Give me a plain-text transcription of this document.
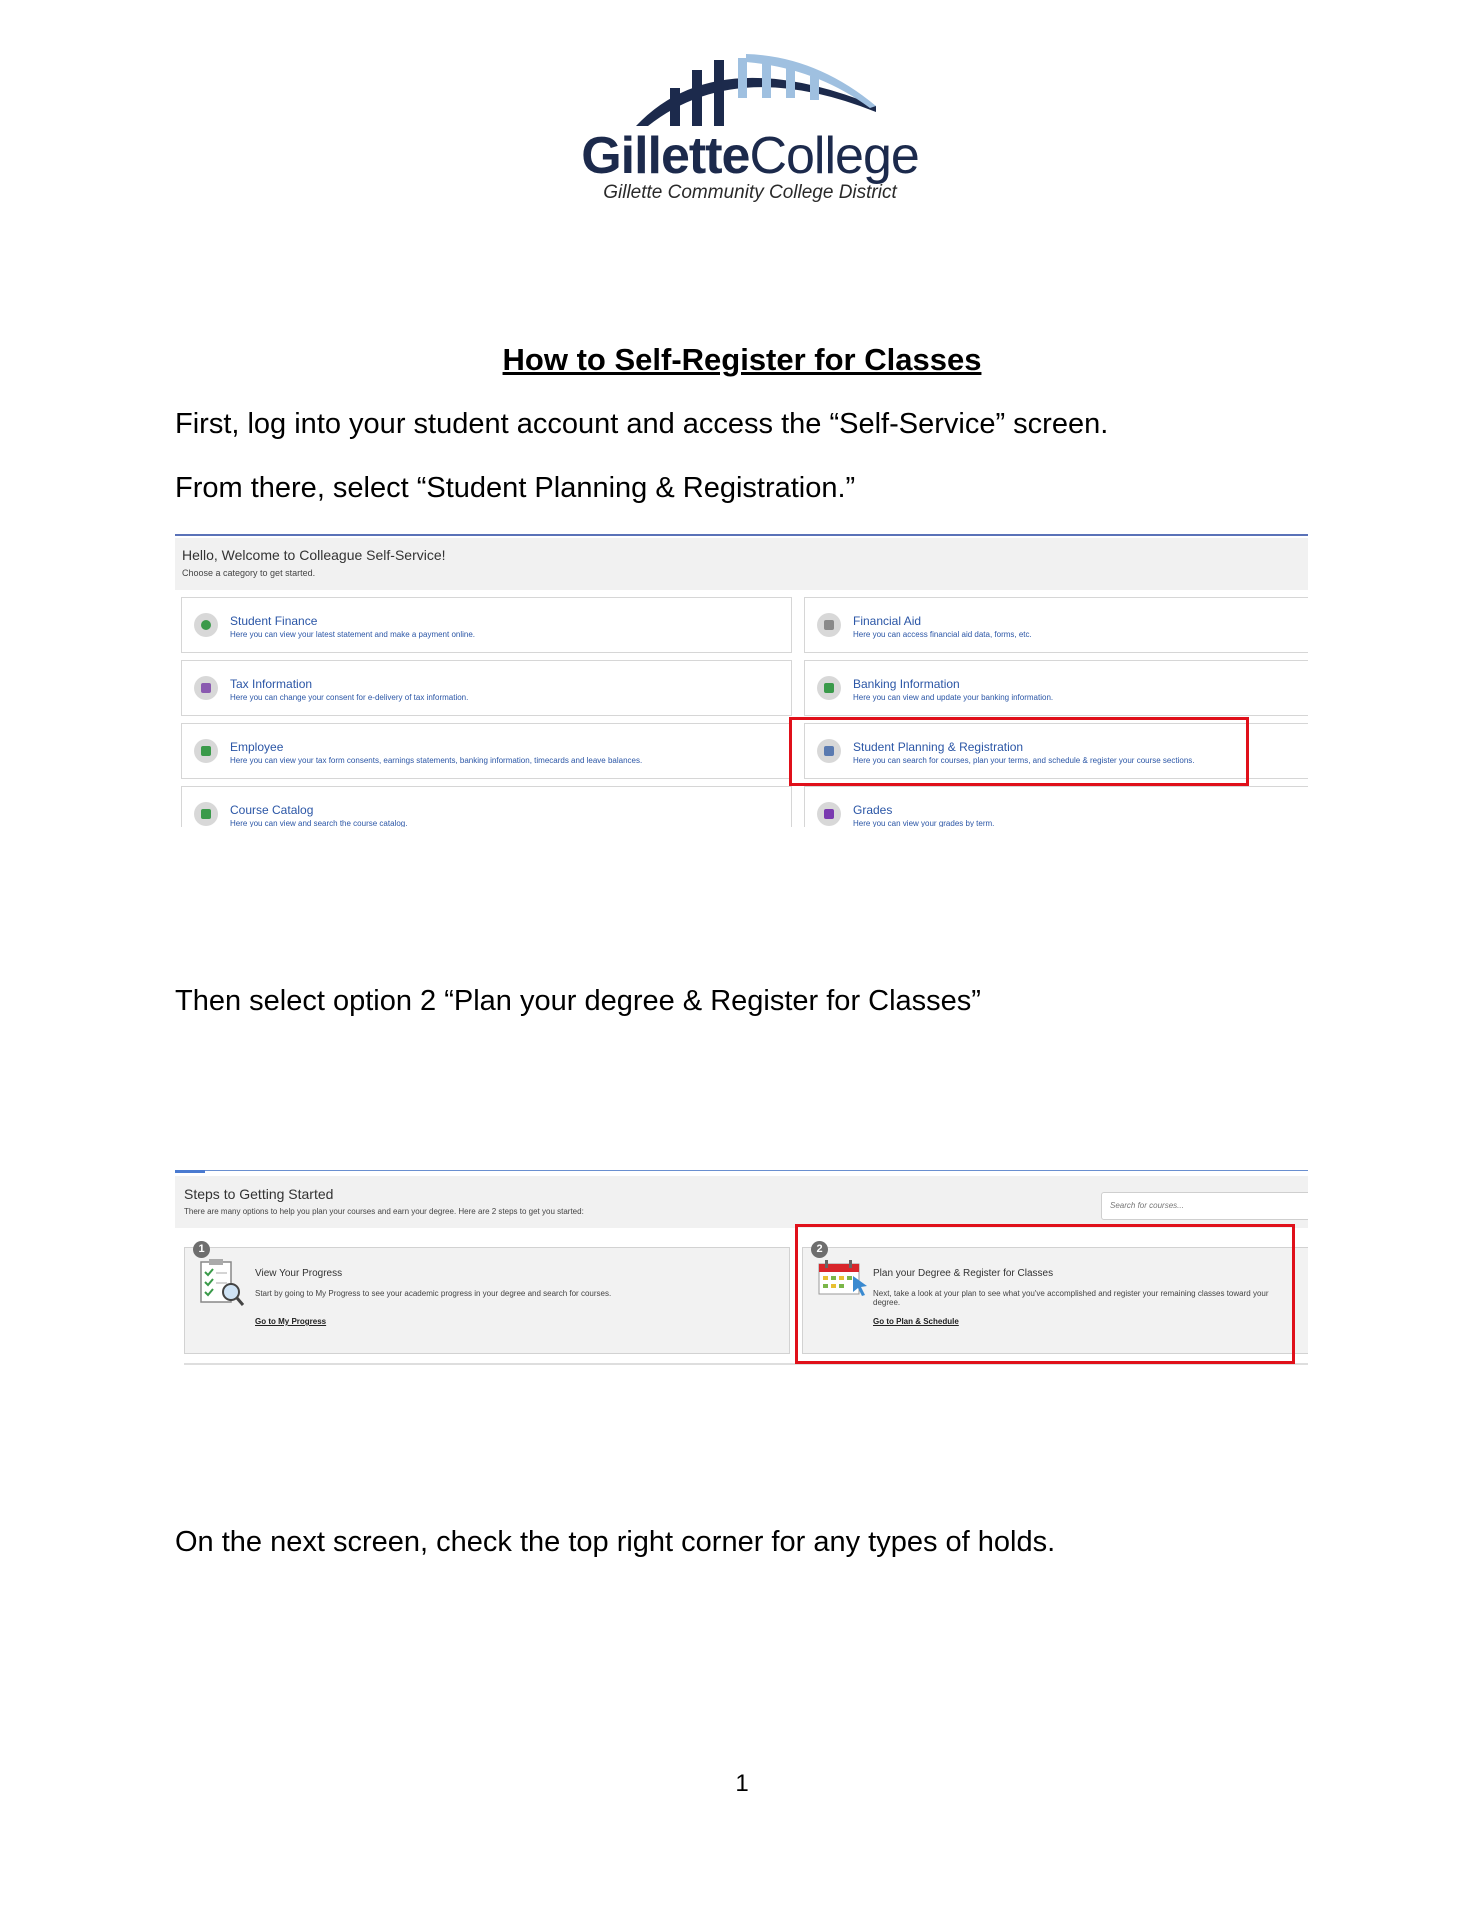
GilletteCollege
Gillette Community College District
How to Self-Register for Classes
First, log into your student account and access the “Self-Service” screen.
From there, select “Student Planning & Registration.”
Hello, Welcome to Colleague Self-Service!
Choose a category to get started.
Student Finance
Here you can view your latest statement and make a payment online.
Financial Aid
Here you can access financial aid data, forms, etc.
Tax Information
Here you can change your consent for e-delivery of tax information.
Banking Information
Here you can view and update your banking information.
Employee
Here you can view your tax form consents, earnings statements, banking information, timecards and leave balances.
Student Planning & Registration
Here you can search for courses, plan your terms, and schedule & register your course sections.
Course Catalog
Here you can view and search the course catalog.
Grades
Here you can view your grades by term.
Then select option 2 “Plan your degree & Register for Classes”
Steps to Getting Started
There are many options to help you plan your courses and earn your degree. Here are 2 steps to get you started:
Search for courses...
1
View Your Progress
Start by going to My Progress to see your academic progress in your degree and search for courses.
Go to My Progress
2
Plan your Degree & Register for Classes
Next, take a look at your plan to see what you've accomplished and register your remaining classes toward your degree.
Go to Plan & Schedule
On the next screen, check the top right corner for any types of holds.
1
